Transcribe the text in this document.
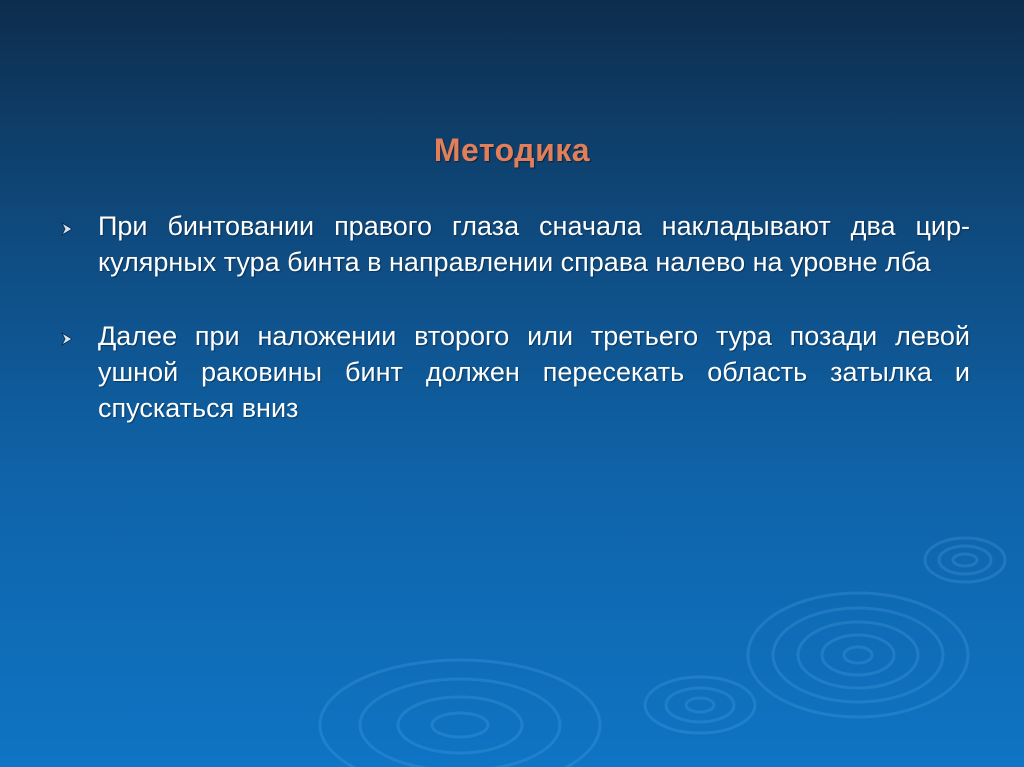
Методика
При бинтовании правого глаза сначала накладывают два цир-кулярных тура бинта в направлении справа налево на уровне лба
Далее при наложении второго или третьего тура позади левой ушной раковины бинт должен пересекать область затылка и спускаться вниз
